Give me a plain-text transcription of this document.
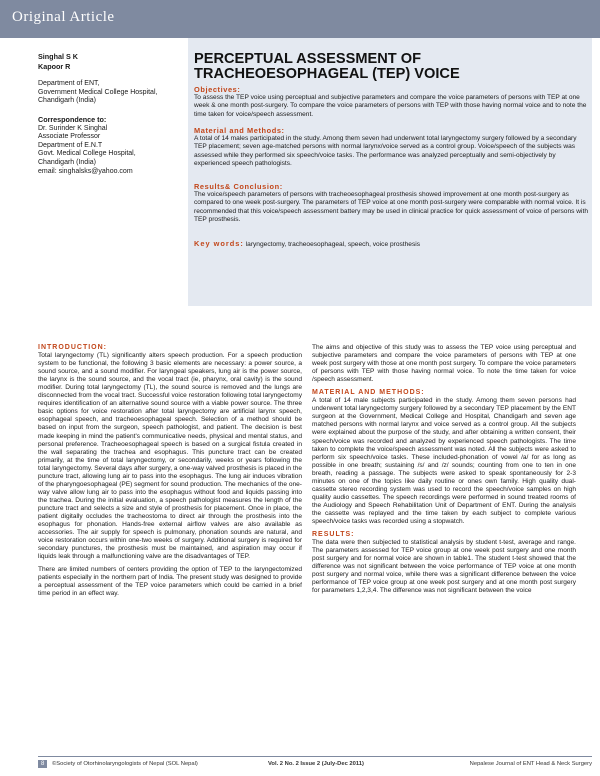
Original Article
Singhal S K
Kapoor R
Department of ENT,
Government Medical College Hospital,
Chandigarh (India)
Correspondence to:
Dr. Surinder K Singhal
Associate Professor
Department of E.N.T
Govt. Medical College Hospital,
Chandigarh (India)
email: singhalsks@yahoo.com
PERCEPTUAL ASSESSMENT OF TRACHEOESOPHAGEAL (TEP) VOICE
Objectives:
To assess the TEP voice using perceptual and subjective parameters and compare the voice parameters of persons with TEP at one week & one month post-surgery. To compare the voice parameters of persons with TEP with those having normal voice and to note the time taken for voice/speech assessment.
Material and Methods:
A total of 14 males participated in the study. Among them seven had underwent total laryngectomy surgery followed by a secondary TEP placement; seven age-matched persons with normal larynx/voice served as a control group. Voice/speech of the subjects was assessed while they performed six speech/voice tasks. The performance was analyzed perceptually and semi-objectively by experienced speech pathologists.
Results& Conclusion:
The voice/speech parameters of persons with tracheoesophageal prosthesis showed improvement at one month post-surgery as compared to one week post-surgery. The parameters of TEP voice at one month post-surgery were comparable with normal voice. It is recommended that this voice/speech assessment battery may be used in clinical practice for quick assessment of voice of persons with TEP prosthesis.
Key words: laryngectomy, tracheoesophageal, speech, voice prosthesis
INTRODUCTION:
Total laryngectomy (TL) significantly alters speech production. For a speech production system to be functional, the following 3 basic elements are necessary: a power source, a sound source, and a sound modifier. For laryngeal speakers, lung air is the power source, the larynx is the sound source, and the vocal tract (ie, pharynx, oral cavity) is the sound modifier. During total laryngectomy (TL), the sound source is removed and the lungs are disconnected from the vocal tract. Successful voice restoration following total laryngectomy requires identification of an alternative sound source with a viable power source. The three basic options for voice restoration after total laryngectomy are artificial larynx speech, esophageal speech, and tracheoesophageal speech. Selection of a method should be based on input from the surgeon, speech pathologist, and patient. The decision is best made keeping in mind the patient's communicative needs, physical and mental status, and personal preference. Tracheoesophageal speech is based on a surgical fistula created in the wall separating the trachea and esophagus. This puncture tract can be created primarily, at the time of total laryngectomy, or secondarily, weeks or years following the total laryngectomy. Several days after surgery, a one-way valved prosthesis is placed in the puncture tract, allowing lung air to pass into the esophagus. The lung air induces vibration of the pharyngoesophageal (PE) segment for sound production. The mechanics of the one-way valve allow lung air to pass into the esophagus without food and liquids passing into the trachea. During the initial evaluation, a speech pathologist measures the length of the puncture tract and selects a size and style of prosthesis for placement. Once in place, the patient digitally occludes the tracheostoma to direct air through the prosthesis into the esophagus for phonation. Hands-free external airflow valves are also available as accessories. The air supply for speech is pulmonary, phonation sounds are natural, and voice restoration occurs within one-two weeks of surgery. Additional surgery is required for secondary punctures, the prosthesis must be maintained, and aspiration may occur if liquids leak through a malfunctioning valve are the disadvantages of TEP.
There are limited numbers of centers providing the option of TEP to the laryngectomized patients especially in the northern part of India. The present study was designed to provide a perceptual assessment of the TEP voice parameters which could be carried in a brief time period in an effect way.
The aims and objective of this study was to assess the TEP voice using perceptual and subjective parameters and compare the voice parameters of persons with TEP at one week post surgery with those at one month post surgery. To compare the voice parameters of persons with TEP with those having normal voice. To note the time taken for voice /speech assessment.
MATERIAL AND METHODS:
A total of 14 male subjects participated in the study. Among them seven persons had underwent total laryngectomy surgery followed by a secondary TEP placement by the ENT surgeon at the Government, Medical College and Hospital, Chandigarh and seven age matched persons with normal larynx and voice served as a control group. All the subjects were explained about the purpose of the study, and after obtaining a written consent, their speech/voice was recorded and analyzed by experienced speech pathologists. The time taken to complete the voice/speech assessment was noted. All the subjects were asked to perform six speech/voice tasks. These included-phonation of vowel /a/ for as long as possible in one breath; sustaining /s/ and /z/ sounds; counting from one to ten in one breath, reading a passage. The subjects were asked to speak spontaneously for 2-3 minutes on one of the topics like daily routine or ones own family. High quality dual-cassette stereo recording system was used to record the speech/voice samples on high quality audio cassettes. The speech recordings were performed in sound treated rooms of the Audiology and Speech Rehabilitation Unit of Department of ENT. During the analysis the cassette was replayed and the time taken by each subject to complete various speech/voice tasks was recorded using a stopwatch.
RESULTS:
The data were then subjected to statistical analysis by student t-test, average and range. The parameters assessed for TEP voice group at one week post surgery and one month post surgery and for normal voice are shown in table1. The student t-test showed that the difference was not significant between the voice performance of TEP voice at one month post surgery and normal voice, while there was a significant difference between the voice performance of TEP voice group at one week post surgery and at one month post surgery for parameters 1,2,3,4. The difference was not significant between the voice
8	©Society of Otorhinolaryngologists of Nepal (SOL Nepal)	Vol. 2 No. 2 Issue 2 (July-Dec 2011)	Nepalese Journal of ENT Head & Neck Surgery
